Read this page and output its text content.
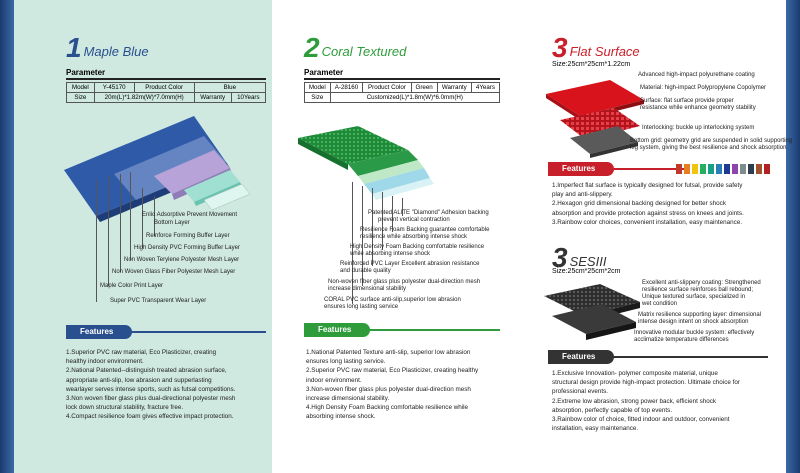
1 Maple Blue
Parameter
Model	Y-45170	Product Color	Blue	
Size	20m(L)*1.82m(W)*7.0mm(H)		Warranty	10Years
Enlio Adsorptive Prevent Movement
Bottom Layer
Reinforce Forming Buffer Layer
High Density PVC Forming Buffer Layer
Non Woven Terylene Polyester Mesh Layer
Non Woven Glass Fiber Polyester Mesh Layer
Maple Color Print Layer
Super PVC Transparent Wear Layer
Features

1.Superior PVC raw material, Eco Plasticizer, creating

healthy indoor environment.

2.National Patented--distinguish treated abrasion surface,

appropriate anti-slip, low abrasion and supperlasting

wearlayer serves intense sports, such as futsal competitions.

3.Non woven fiber glass plus dual-directional polyester mesh

lock down structural stability, fracture free.

4.Compact resilience foam gives effective impact protection.

2 Coral Textured
Parameter
Model	A-28160	Product Color	Green	Warranty	4Years
Size	Customized(L)*1.8m(W)*6.0mm(H)				
Patented ALITE "Diamond" Adhesion backing
prevent vertical contraction
Resilience Foam Backing guarantee comfortable
resilience while absorbing intense shock
High Density Foam Backing comfortable resilience
while absorbing intense shock
Reinforced PVC Layer Excellent abrasion resistance
and durable quality
Non-woven fiber glass plus polyester dual-direction mesh
increase dimensional stability
CORAL PVC surface anti-slip,superior low abrasion
ensures long lasting service
Features

1.National Patented Texture anti-slip, superior low abrasion

ensures long lasting service.

2.Superior PVC raw material, Eco Plasticizer, creating healthy

indoor environment.

3.Non-woven fiber glass plus polyester dual-direction mesh

increase dimensional stability.

4.High Density Foam Backing comfortable resilience while

absorbing intense shock.

3 Flat Surface
Size:25cm*25cm*1.22cm
Advanced high-impact polyurethane coating
Material: high-impact Polypropylene Copolymer
Surface: flat surface provide proper
resistance while enhance geometry stability
Interlocking: buckle up interlocking system
Bottom grid: geometry grid are suspended in solid supporting
leg system, giving the best resilience and shock absorption
Features

1.Imperfect flat surface is typically designed for futsal, provide safety

play and anti-slippery.

2.Hexagon grid dimensional backing designed for better shock

absorption and provide protection against stress on knees and joints.

3.Rainbow color choices, convenient installation, easy maintenance.

3 SESIII
Size:25cm*25cm*2cm
Excellent anti-slippery coating: Strengthened
resilience surface reinforces ball rebound;
Unique textured surface, specialized in
wet condition
Matrix resilience supporting layer: dimensional
intense design intent on shock absorption
Innovative modular buckle system: effectively
acclimatize temperature differences
Features

1.Exclusive Innovation- polymer composite material, unique

structural design provide high-impact protection. Ultimate choice for

professional events.

2.Extreme low abrasion, strong power back, efficient shock

absorption, perfectly capable of top events.

3.Rainbow color of choice, fitted indoor and outdoor, convenient

installation, easy maintenance.
